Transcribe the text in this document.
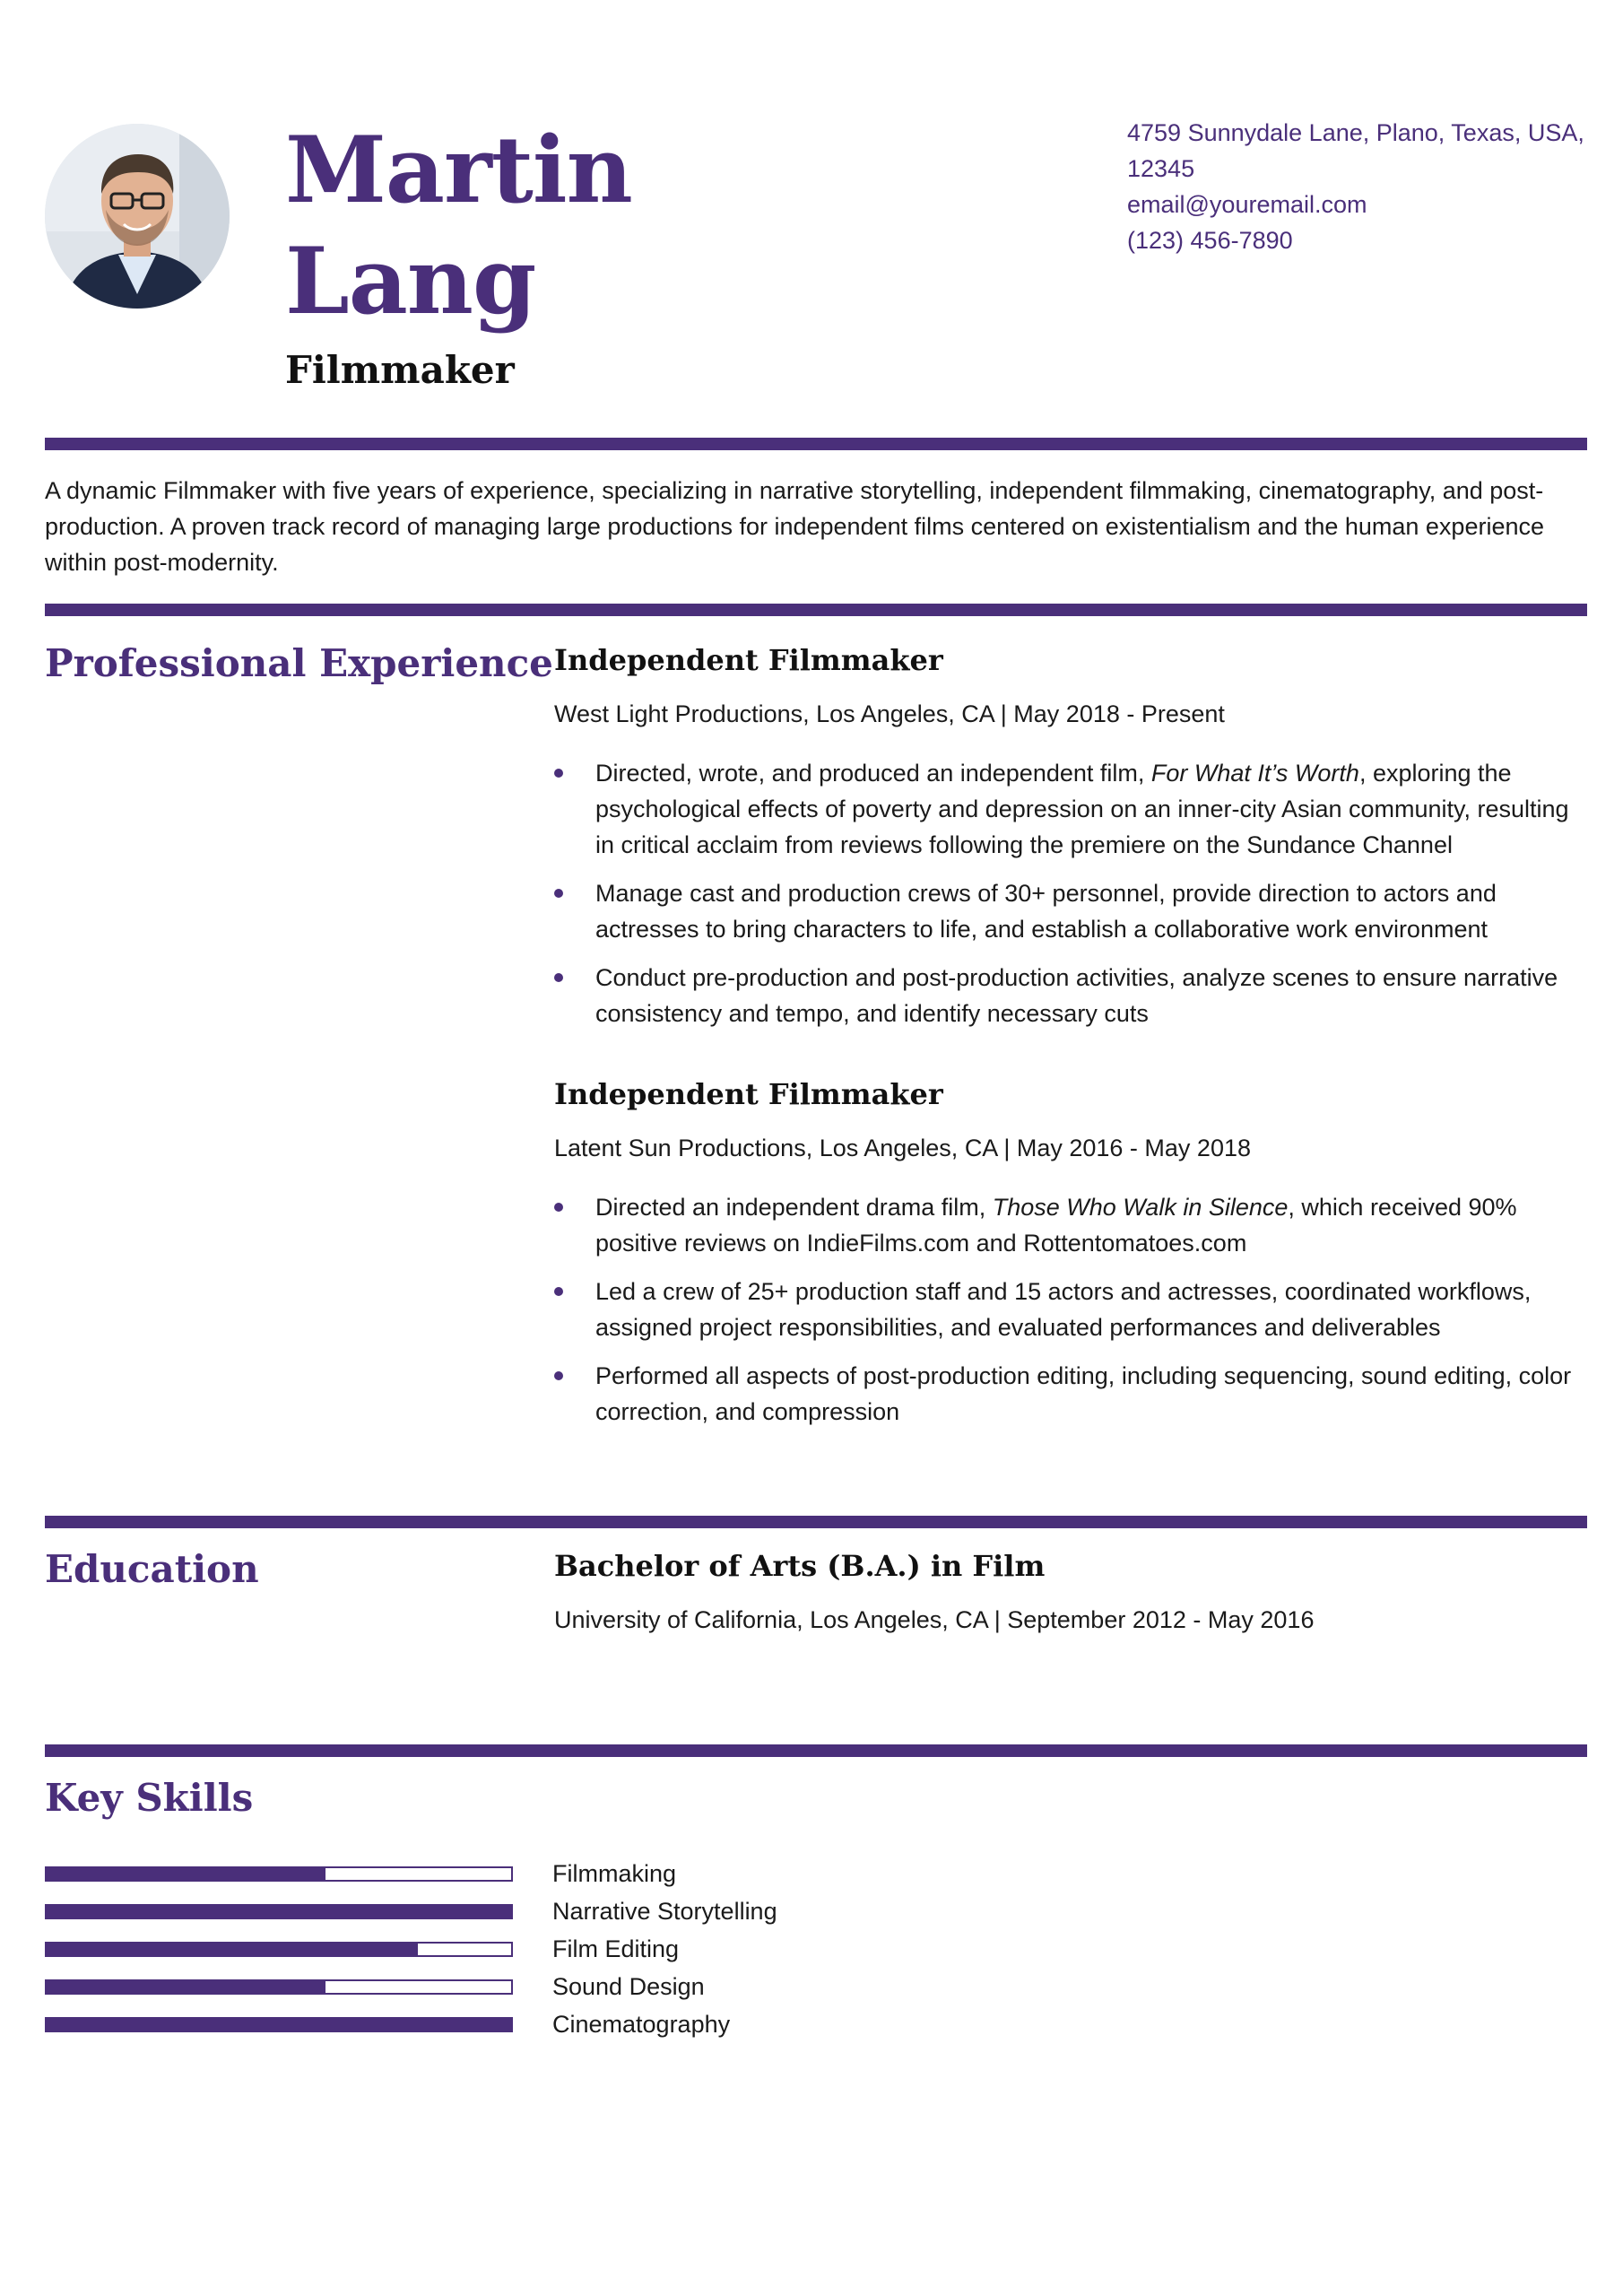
Martin
Lang
Filmmaker
4759 Sunnydale Lane, Plano, Texas, USA, 12345
email@youremail.com
(123) 456-7890
A dynamic Filmmaker with five years of experience, specializing in narrative storytelling, independent filmmaking, cinematography, and post-production. A proven track record of managing large productions for independent films centered on existentialism and the human experience within post-modernity.
Professional Experience Independent Filmmaker
West Light Productions, Los Angeles, CA | May 2018 - Present
Directed, wrote, and produced an independent film, For What It’s Worth, exploring the psychological effects of poverty and depression on an inner-city Asian community, resulting in critical acclaim from reviews following the premiere on the Sundance Channel
Manage cast and production crews of 30+ personnel, provide direction to actors and actresses to bring characters to life, and establish a collaborative work environment
Conduct pre-production and post-production activities, analyze scenes to ensure narrative consistency and tempo, and identify necessary cuts
Independent Filmmaker
Latent Sun Productions, Los Angeles, CA | May 2016 - May 2018
Directed an independent drama film, Those Who Walk in Silence, which received 90% positive reviews on IndieFilms.com and Rottentomatoes.com
Led a crew of 25+ production staff and 15 actors and actresses, coordinated workflows, assigned project responsibilities, and evaluated performances and deliverables
Performed all aspects of post-production editing, including sequencing, sound editing, color correction, and compression
Education	Bachelor of Arts (B.A.) in Film
University of California, Los Angeles, CA | September 2012 - May 2016
Key Skills
Filmmaking
Narrative Storytelling
Film Editing
Sound Design
Cinematography
